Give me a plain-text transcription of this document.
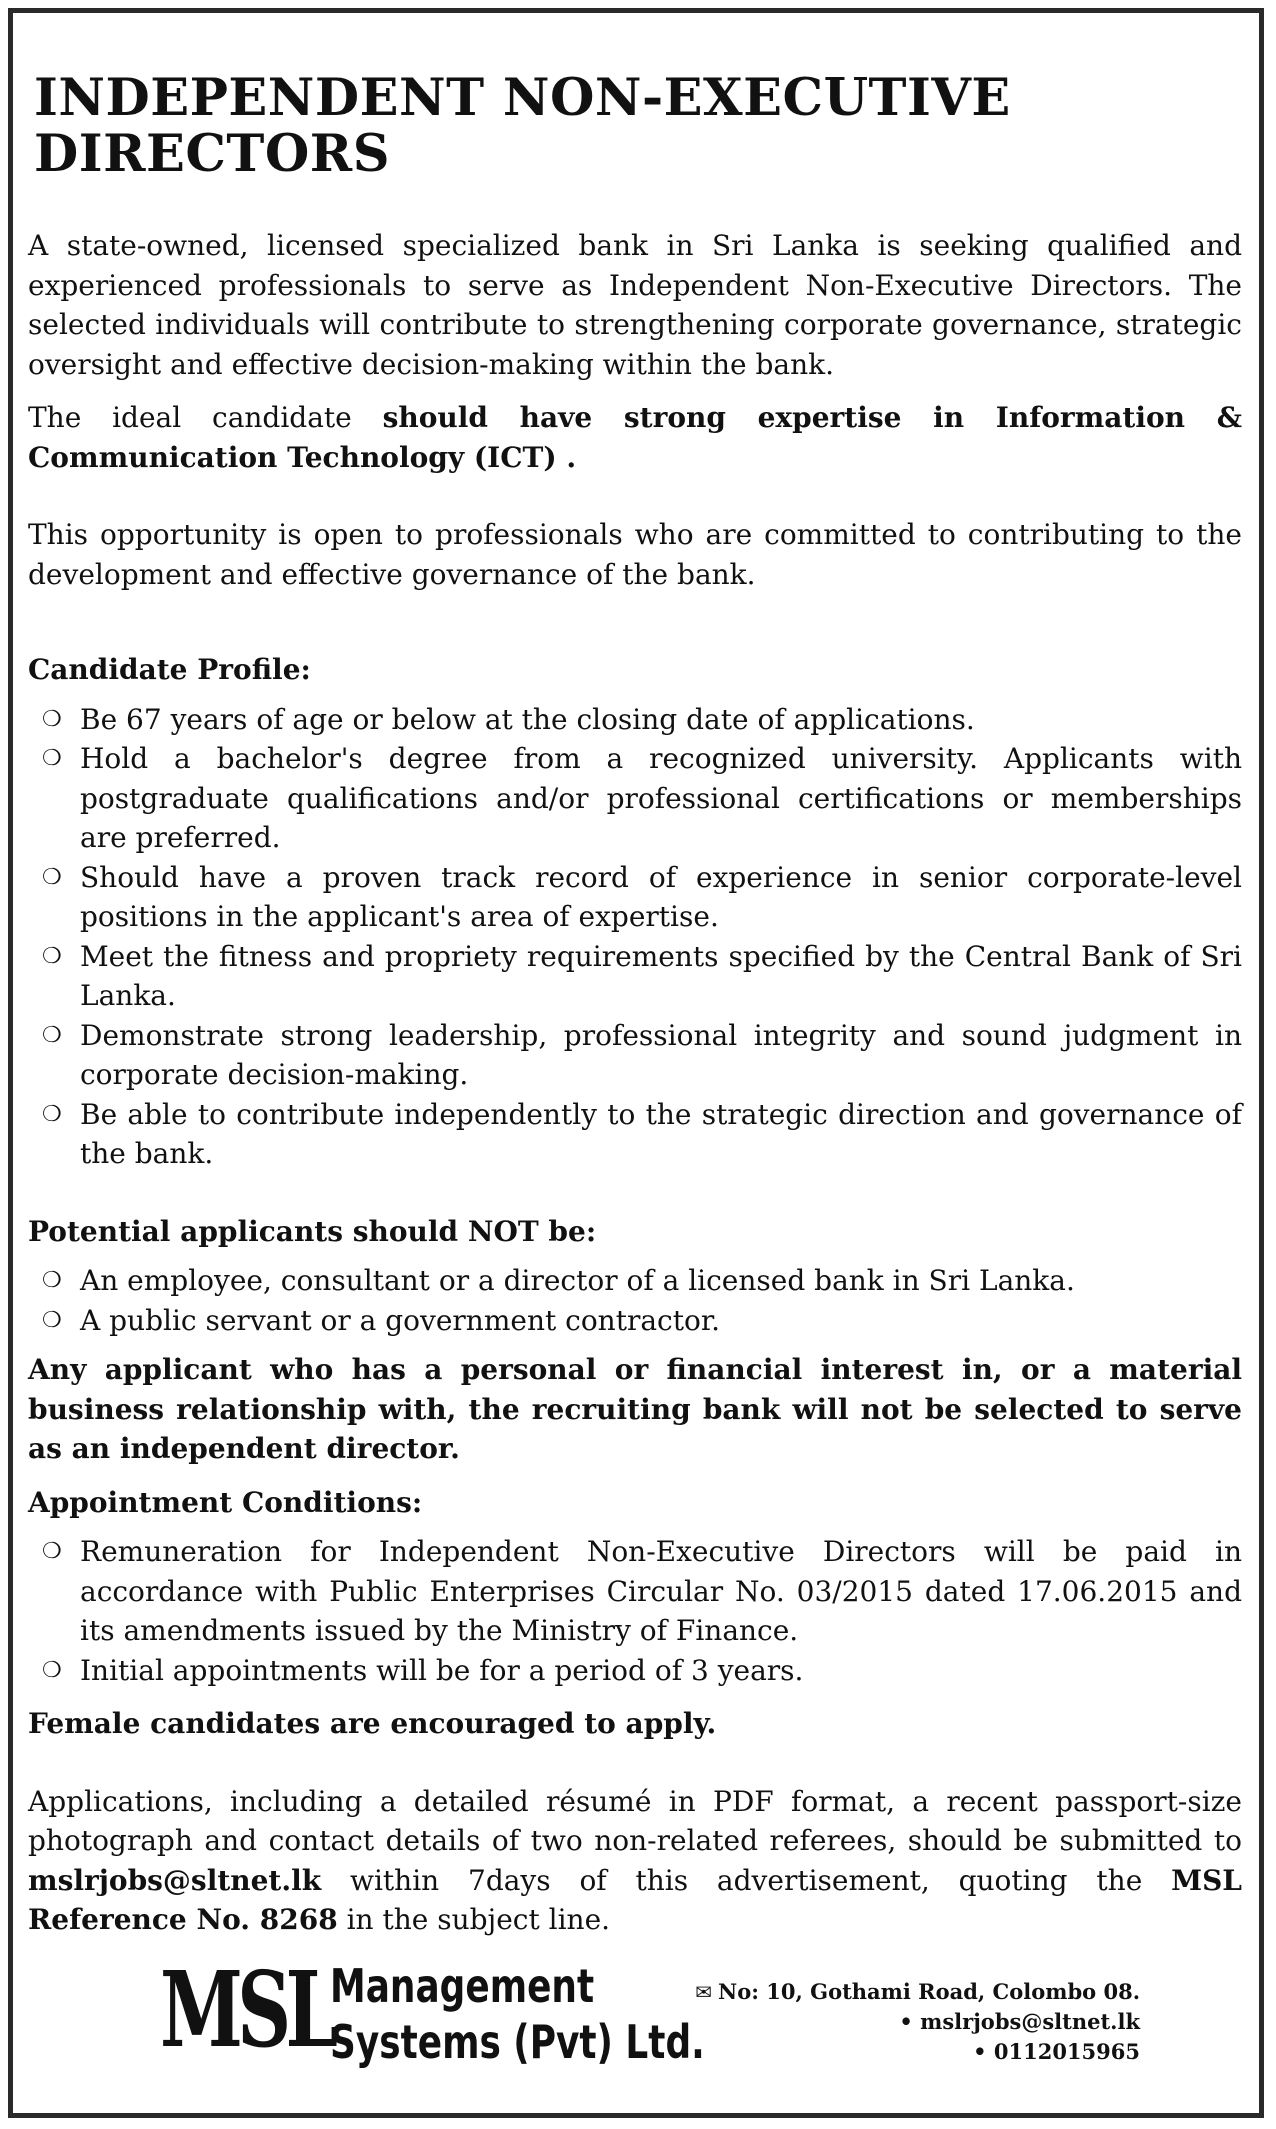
INDEPENDENT NON-EXECUTIVE DIRECTORS

A state-owned, licensed specialized bank in Sri Lanka is seeking qualified and experienced professionals to serve as Independent Non-Executive Directors. The selected individuals will contribute to strengthening corporate governance, strategic oversight and effective decision-making within the bank.

The ideal candidate should have strong expertise in Information & Communication Technology (ICT) .

This opportunity is open to professionals who are committed to contributing to the development and effective governance of the bank.

Candidate Profile:
❍ Be 67 years of age or below at the closing date of applications.
❍ Hold a bachelor's degree from a recognized university. Applicants with postgraduate qualifications and/or professional certifications or memberships are preferred.
❍ Should have a proven track record of experience in senior corporate-level positions in the applicant's area of expertise.
❍ Meet the fitness and propriety requirements specified by the Central Bank of Sri Lanka.
❍ Demonstrate strong leadership, professional integrity and sound judgment in corporate decision-making.
❍ Be able to contribute independently to the strategic direction and governance of the bank.
Potential applicants should NOT be:
❍ An employee, consultant or a director of a licensed bank in Sri Lanka.
❍ A public servant or a government contractor.

Any applicant who has a personal or financial interest in, or a material business relationship with, the recruiting bank will not be selected to serve as an independent director.

Appointment Conditions:
❍ Remuneration for Independent Non-Executive Directors will be paid in accordance with Public Enterprises Circular No. 03/2015 dated 17.06.2015 and its amendments issued by the Ministry of Finance.
❍ Initial appointments will be for a period of 3 years.

Female candidates are encouraged to apply.

Applications, including a detailed résumé in PDF format, a recent passport-size photograph and contact details of two non-related referees, should be submitted to mslrjobs@sltnet.lk within 7days of this advertisement, quoting the MSL Reference No. 8268 in the subject line.

MSL
Management
Systems (Pvt) Ltd.
✉ No: 10, Gothami Road, Colombo 08.
• mslrjobs@sltnet.lk
• 0112015965
